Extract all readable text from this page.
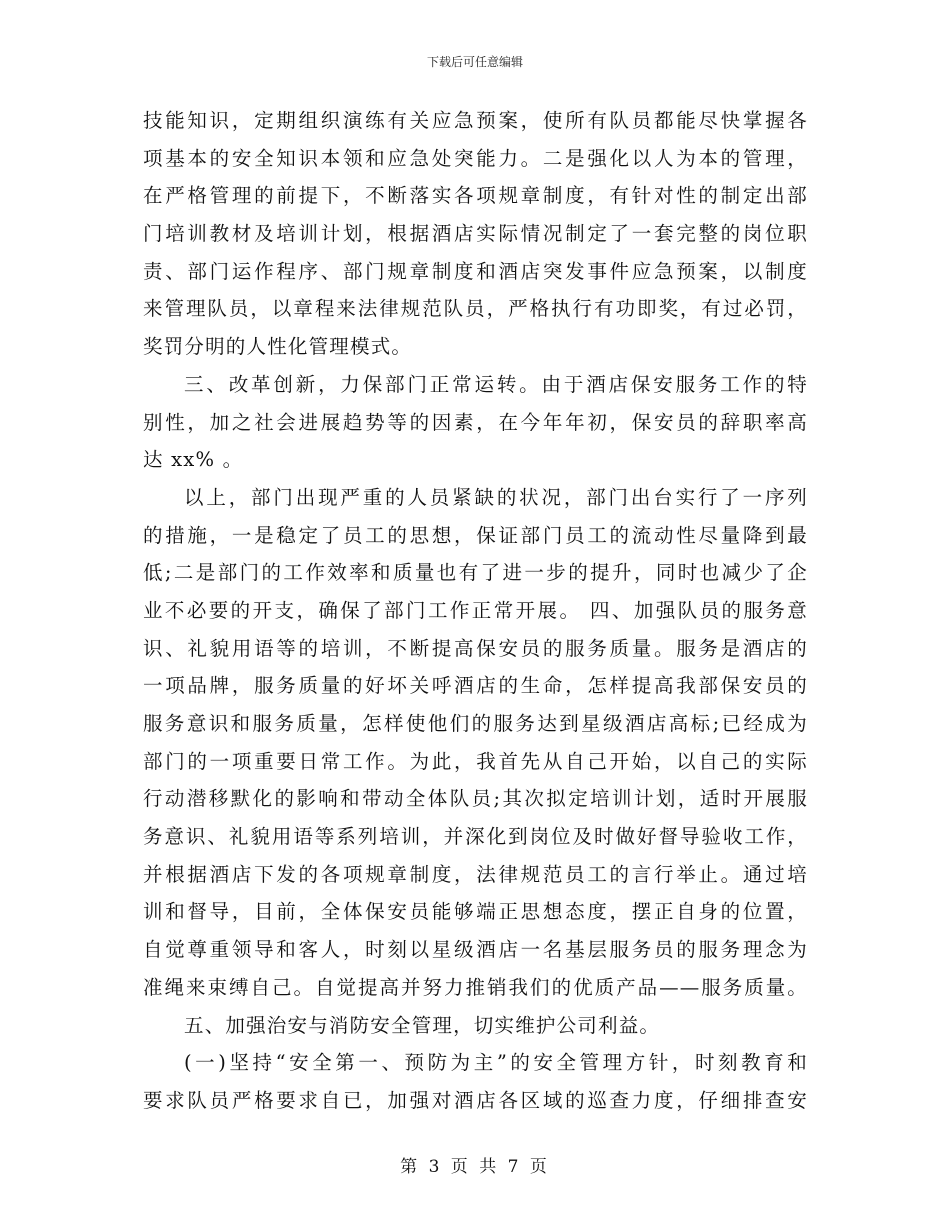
下载后可任意编辑
技能知识，定期组织演练有关应急预案，使所有队员都能尽快掌握各
项基本的安全知识本领和应急处突能力。二是强化以人为本的管理，
在严格管理的前提下，不断落实各项规章制度，有针对性的制定出部
门培训教材及培训计划，根据酒店实际情况制定了一套完整的岗位职
责、部门运作程序、部门规章制度和酒店突发事件应急预案，以制度
来管理队员，以章程来法律规范队员，严格执行有功即奖，有过必罚，
奖罚分明的人性化管理模式。
三、改革创新，力保部门正常运转。由于酒店保安服务工作的特
别性，加之社会进展趋势等的因素，在今年年初，保安员的辞职率高
达 xx% 。
以上，部门出现严重的人员紧缺的状况，部门出台实行了一序列
的措施，一是稳定了员工的思想，保证部门员工的流动性尽量降到最
低;二是部门的工作效率和质量也有了进一步的提升，同时也减少了企
业不必要的开支，确保了部门工作正常开展。 四、加强队员的服务意
识、礼貌用语等的培训，不断提高保安员的服务质量。服务是酒店的
一项品牌，服务质量的好坏关呼酒店的生命，怎样提高我部保安员的
服务意识和服务质量，怎样使他们的服务达到星级酒店高标;已经成为
部门的一项重要日常工作。为此，我首先从自己开始，以自己的实际
行动潜移默化的影响和带动全体队员;其次拟定培训计划，适时开展服
务意识、礼貌用语等系列培训，并深化到岗位及时做好督导验收工作，
并根据酒店下发的各项规章制度，法律规范员工的言行举止。通过培
训和督导，目前，全体保安员能够端正思想态度，摆正自身的位置，
自觉尊重领导和客人，时刻以星级酒店一名基层服务员的服务理念为
准绳来束缚自己。自觉提高并努力推销我们的优质产品——服务质量。
五、加强治安与消防安全管理，切实维护公司利益。
(一)坚持“安全第一、预防为主”的安全管理方针，时刻教育和
要求队员严格要求自已，加强对酒店各区域的巡查力度，仔细排查安
第 3 页 共 7 页
